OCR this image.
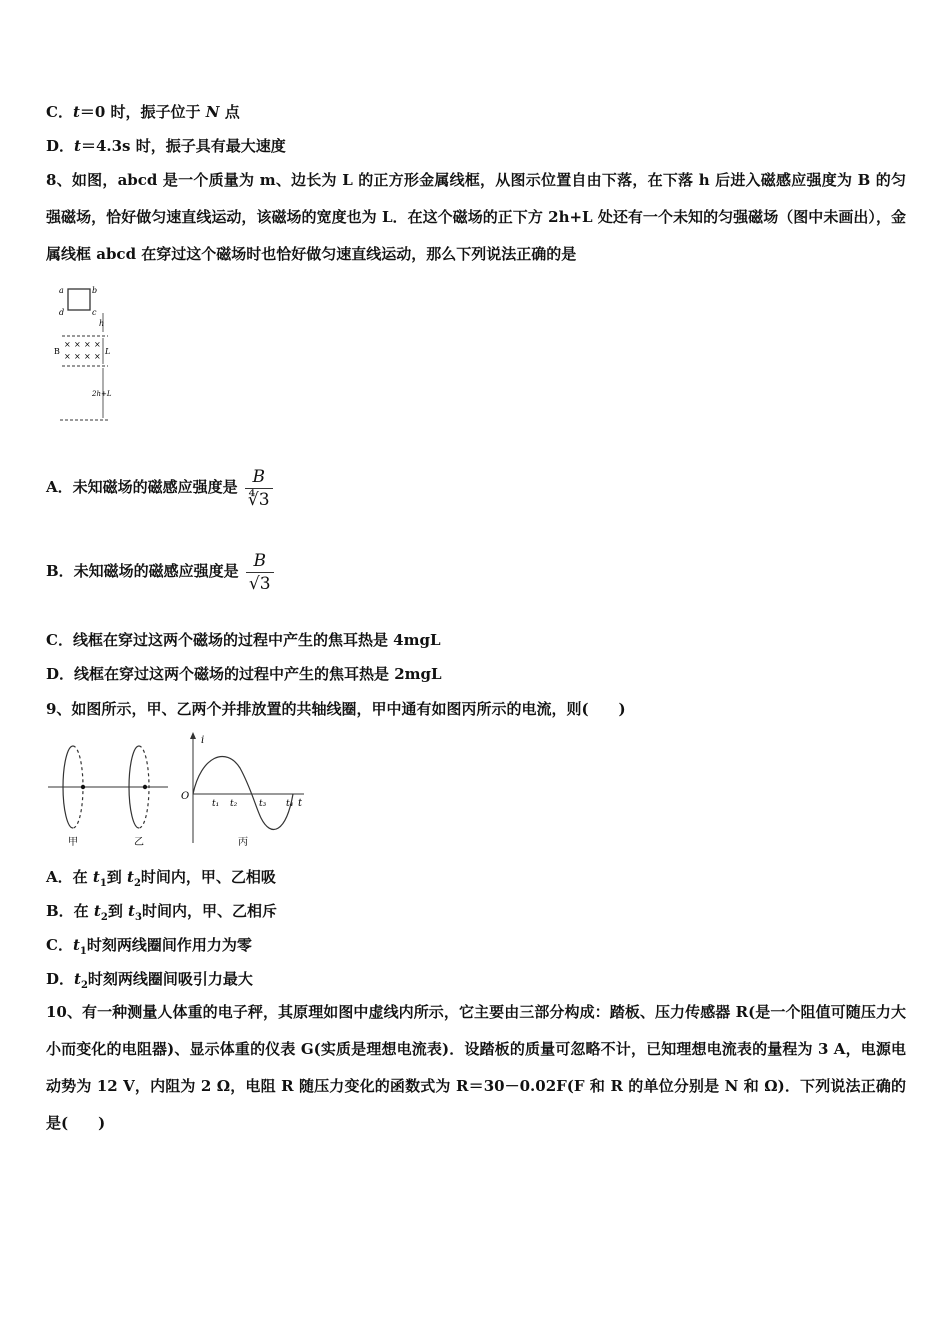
C．t＝0 时，振子位于 N 点
D．t＝4.3s 时，振子具有最大速度
8、如图，abcd 是一个质量为 m、边长为 L 的正方形金属线框，从图示位置自由下落，在下落 h 后进入磁感应强度为 B 的匀强磁场，恰好做匀速直线运动，该磁场的宽度也为 L．在这个磁场的正下方 2h+L 处还有一个未知的匀强磁场（图中未画出），金属线框 abcd 在穿过这个磁场时也恰好做匀速直线运动，那么下列说法正确的是
a	b
d	c
h
B
× × × ×
× × × ×
L
2h+L
A．未知磁场的磁感应强度是 $\frac{B}{∜3}$
B．未知磁场的磁感应强度是 $\frac{B}{√3}$
C．线框在穿过这两个磁场的过程中产生的焦耳热是 4mgL
D．线框在穿过这两个磁场的过程中产生的焦耳热是 2mgL
9、如图所示，甲、乙两个并排放置的共轴线圈，甲中通有如图丙所示的电流，则(　　)
甲	乙
i
O
t
t₁ t₂ t₃ t₄
丙
A．在 $t_1$到 $t_2$时间内，甲、乙相吸
B．在 $t_2$到 $t_3$时间内，甲、乙相斥
C．$t_1$时刻两线圈间作用力为零
D．$t_2$时刻两线圈间吸引力最大
10、有一种测量人体重的电子秤，其原理如图中虚线内所示，它主要由三部分构成：踏板、压力传感器 R(是一个阻值可随压力大小而变化的电阻器)、显示体重的仪表 G(实质是理想电流表)．设踏板的质量可忽略不计，已知理想电流表的量程为 3 A，电源电动势为 12 V，内阻为 2 Ω，电阻 R 随压力变化的函数式为 R＝30－0.02F(F 和 R 的单位分别是 N 和 Ω)．下列说法正确的是(　　)
